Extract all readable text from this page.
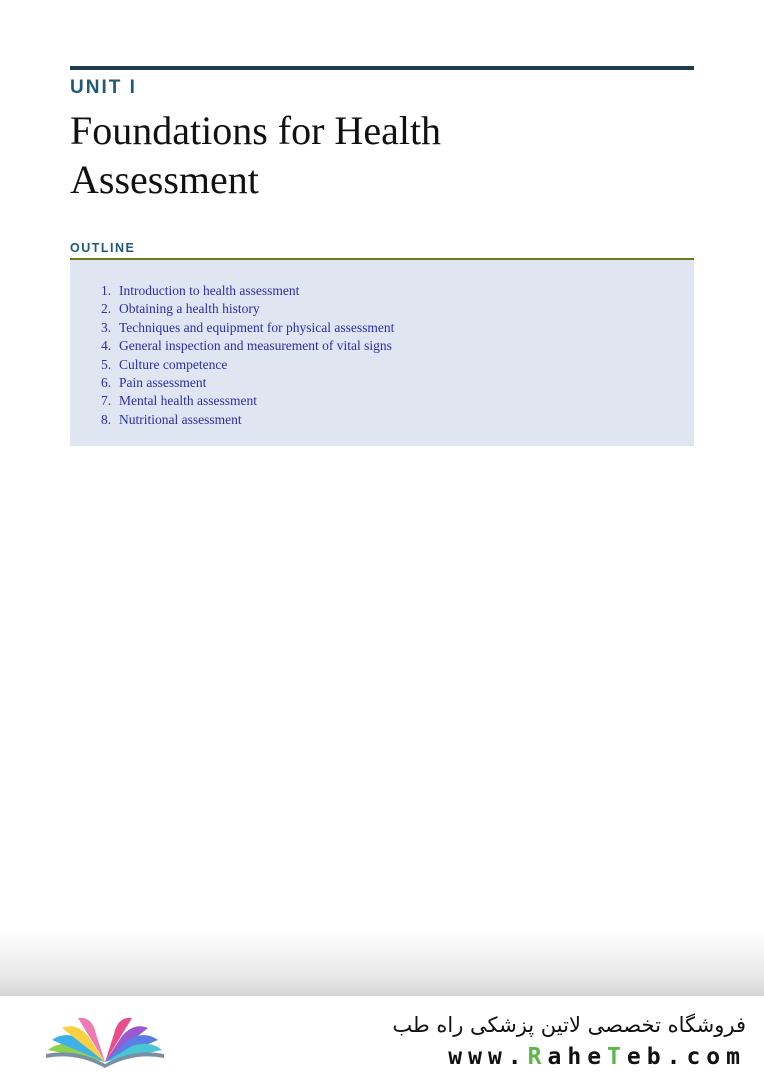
UNIT I
Foundations for Health Assessment
OUTLINE
1. Introduction to health assessment
2. Obtaining a health history
3. Techniques and equipment for physical assessment
4. General inspection and measurement of vital signs
5. Culture competence
6. Pain assessment
7. Mental health assessment
8. Nutritional assessment
فروشگاه تخصصی لاتین پزشکی راه طب
www.RaheTeb.com
